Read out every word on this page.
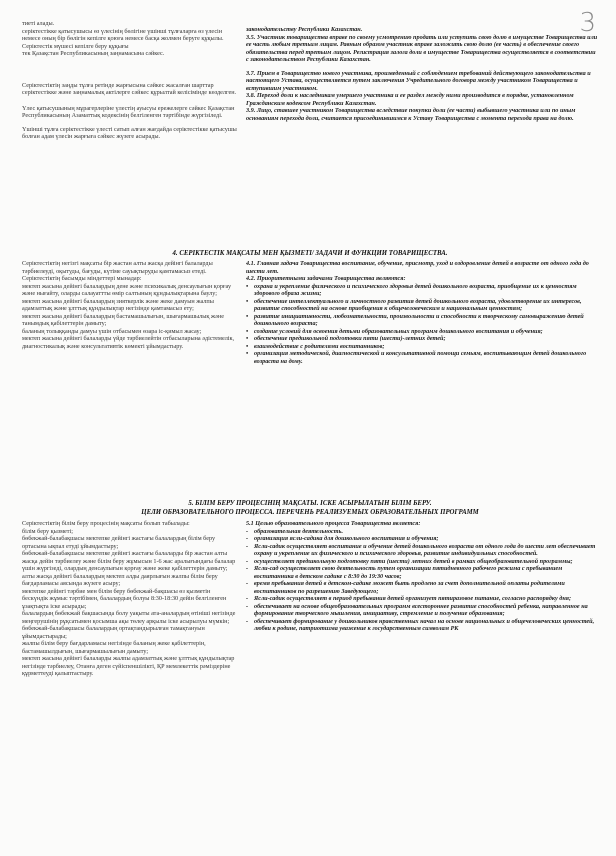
3

тиеті алады.

серіктестікке қатысушысы өз үлесінің бөлігіне үшінші тұлғаларға өз үлесін немесе оның бір бөлігін кепілге қоюға немесе басқа жолмен беруге құқылы. Серіктестік мүшесі кепілге беру құқығы

тек Қазақстан Республикасының заңнамасына сәйкес.

Серіктестіктің заңды тұлға ретінде жарғысына сәйкес жасалған шарттар серіктестікке және заңнамалық актілерге сәйкес құрылтай келісімінде көзделген.

Үлес қатысушының мұрагерлеріне үлестің ауысуы ережелерге сәйкес Қазақстан Республикасының Азаматтық кодексінің белгіленген тәртібінде жүргізіледі.

Үшінші тұлға серіктестікке үлесті сатып алған жағдайда серіктестікке қатысушы болған адам үлесін жарғыға сәйкес жүзеге асырады.

законодательству Республики Казахстан.

3.5. Участник товарищества вправе по своему усмотрению продать или уступить свою долю в имуществе Товарищества или ее часть любым третьим лицам. Равным образом участник вправе заложить свою долю (ее часть) в обеспечение своего обязательства перед третьим лицом. Регистрация залога доли в имуществе Товарищества осуществляется в соответствии с законодательством Республики Казахстан.

3.7. Прием в Товарищество нового участника, произведенный с соблюдением требований действующего законодательства и настоящего Устава, осуществляется путем заключения Учредительного договора между участником Товарищества и вступившим участником.

3.8. Переход доли к наследникам умершего участника и ее раздел между ними производится в порядке, установленном Гражданским кодексом Республики Казахстан.

3.9. Лицо, ставшее участником Товарищества вследствие покупки доли (ее части) выбывшего участника или по иным основаниям перехода доли, считается присоединившимся к Уставу Товарищества с момента перехода права на долю.

4. СЕРІКТЕСТІК МАҚСАТЫ МЕН ҚЫЗМЕТІ/ ЗАДАЧИ И ФУНКЦИИ ТОВАРИЩЕСТВА.

Серіктестіктің негізгі мақсаты бір жастан алты жасқа дейінгі балаларды тәрбиелеуді, оқытуды, бағуды, күтіме сауықтыруды қамтамасыз етеді.

Серіктестіктің басымды міндеттері мынадар:

мектеп жасына дейінгі балалардың дене және психикалық денсаулығын қорғау және нығайту, оларды салауаттты өмір салтының құндылықтарына баулу;

мектеп жасына дейінгі балалардың зияткерлік және жеке дамуын жалпы адамзаттық және ұлттық құндылықтар негізінде қамтамасыз ету;

мектеп жасына дейінгі балалардың бастамашылығын, шығармашылық және танымдық қабілеттерін дамыту;

баланың толыққанды дамуы үшін отбасымен өзара іс-қимыл жасау;

мектеп жасына дейінгі балаларды үйде тәрбиелейтін отбасыларына әдістемелік, диагностикалық және консультативтік көмекті ұйымдастыру.

4.1. Главная задача Товарищества воспитание, обучение, присмотр, уход и оздоровление детей в возрасте от одного года до шести лет.

4.2. Приоритетными задачами Товарищества являются:

• охрана и укрепление физического и психического здоровья детей дошкольного возраста, приобщение их к ценностям здорового образа жизни;

• обеспечение интеллектуального и личностного развития детей дошкольного возраста, удовлетворение их интересов, развитие способностей на основе приобщения к общечеловеческим и национальным ценностям;

• развитие инициативности, любознательности, произвольности и способности к творческому самовыражению детей дошкольного возраста;

• создание условий для освоения детьми образовательных программ дошкольного воспитания и обучения;

• обеспечение предшкольной подготовки пяти (шести)-летних детей;

• взаимодействие с родителями воспитанников;

• организация методической, диагностической и консультативной помощи семьям, воспитывающим детей дошкольного возраста на дому.

5. БІЛІМ БЕРУ ПРОЦЕСІНІҢ МАҚСАТЫ. ІСКЕ АСЫРЫЛАТЫН БІЛІМ БЕРУ.
ЦЕЛИ ОБРАЗОВАТЕЛЬНОГО ПРОЦЕССА. ПЕРЕЧЕНЬ РЕАЛИЗУЕМЫХ ОБРАЗОВАТЕЛЬНЫХ ПРОГРАММ

Серіктестіктің білім беру процесінің мақсаты болып табылады:

білім беру қызметі;

бөбекжай-балабақшасы мектепке дейінгі жастағы балалардың білім беру ортасына ықпал етуді ұйымдастыру;

бөбекжай-балабақшасы мектепке дейінгі жастағы балаларды бір жастан алты жасқа дейін тәрбиелеу және білім беру жұмысын 1-6 жас аралығындағы балалар үшін жүргізеді, олардың денсаулығын қорғау және жеке қабілеттерін дамыту;

алты жасқа дейінгі балалардың мектеп алды даярлығын жалпы білім беру бағдарламасы аясында жүзеге асыру;

мектепке дейінгі тәрбие мен білім беру бөбекжай-бақшасы өз қызметін бескүндік жұмыс тәртібімен, балалардың болуы 8:30-18:30 дейін белгіленген ұзақтықта іске асырады;

балалардың бөбекжай бақшасында болу уақыты ата-аналардың өтініші негізінде меңгерушінің рұқсатымен қосымша ақы төлеу арқылы іске асырылуы мүмкін;

бөбекжай-балабақшасы балалардың ортақтандырылған тамақтануын ұйымдастырады;

жалпы білім беру бағдарламасы негізінде баланың жеке қабілеттерін, бастамашылдығын, шығармашылығын дамыту;

мектеп жасына дейінгі балаларды жалпы адамзаттық және ұлттық құндылықтар негізінде тәрбиелеу, Отанға деген сүйіспеншілікті, ҚР мемлекеттік рәміздеріне құрметтеуді қалыптастыру.

5.1 Целью образовательного процесса Товарищества является:

- образовательная деятельность.

- организация ясли-садика для дошкольного воспитания и обучения;

- Ясли-садик осуществляет воспитание и обучение детей дошкольного возраста от одного года до шести лет обеспечивает охрану и укрепление их физического и психического здоровья, развитие индивидуальных способностей.

- осуществляет предшкольную подготовку пяти (шести) летних детей в рамках общеобразовательной программы;

- Ясли-сад осуществляет свою деятельность путем организации пятидневного рабочего режима с пребыванием воспитанника в детском садике с 8:30 до 19:30 часов;

- время пребывания детей в детском-садике может быть продлено за счет дополнительной оплаты родителями воспитанников по разрешению Заведующего;

- Ясли-садик осуществляет в период пребывания детей организует пятиразовое питание, согласно распорядку дня;

- обеспечивает на основе общеобразовательных программ всестороннее развитие способностей ребенка, направленное на формирование творческого мышления, инициативу, стремление и получение образования;

- обеспечивает формирование у дошкольников нравственных начал на основе национальных и общечеловеческих ценностей, любви к родине, патриотизма уважение к государственным символам РК
